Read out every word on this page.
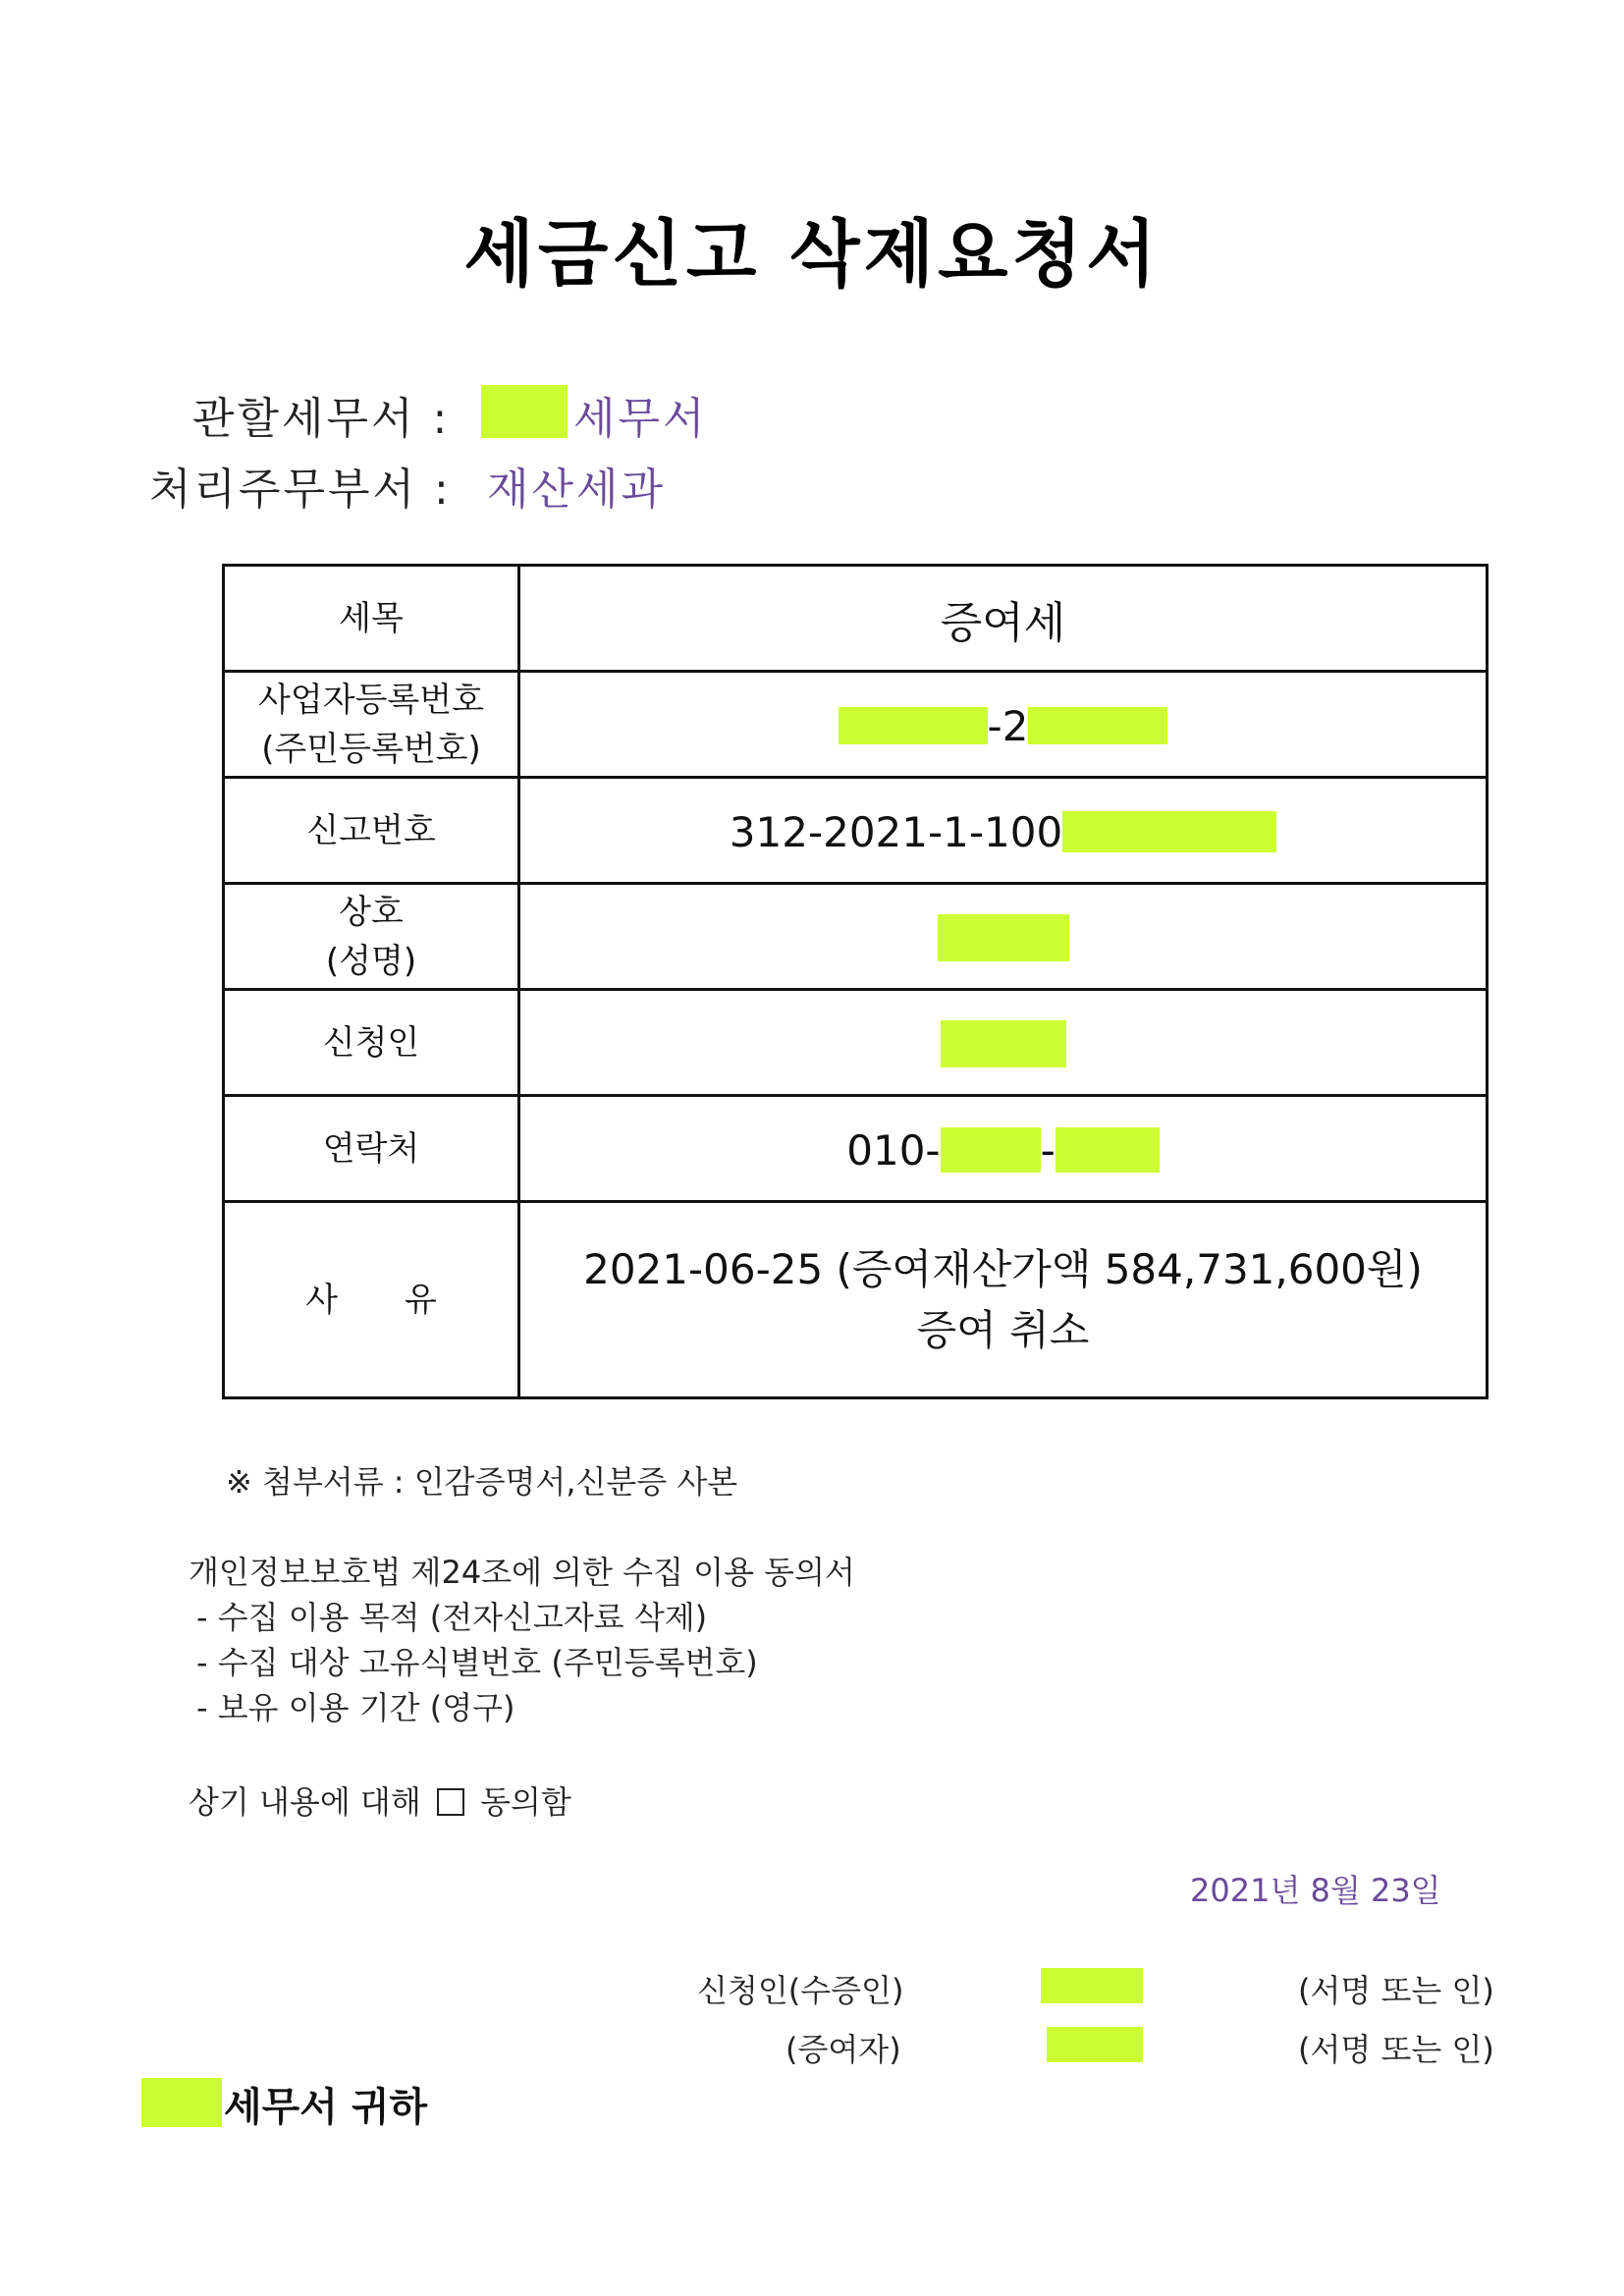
세금신고 삭제요청서
관할세무서 :	세무서
처리주무부서 : 재산세과
세목	증여세

사업자등록번호
(주민등록번호)	-2
신고번호	312-2021-1-100

상호
(성명)	

신청인	
연락처	010- -
사　　유	2021-06-25 (증여재산가액 584,731,600원)
증여 취소
※ 첨부서류 : 인감증명서,신분증 사본
개인정보보호법 제24조에 의한 수집 이용 동의서
- 수집 이용 목적 (전자신고자료 삭제)
- 수집 대상 고유식별번호 (주민등록번호)
- 보유 이용 기간 (영구)
상기 내용에 대해 동의함
2021년 8월 23일
신청인(수증인)	(서명 또는 인)
(증여자)	(서명 또는 인)
세무서 귀하
